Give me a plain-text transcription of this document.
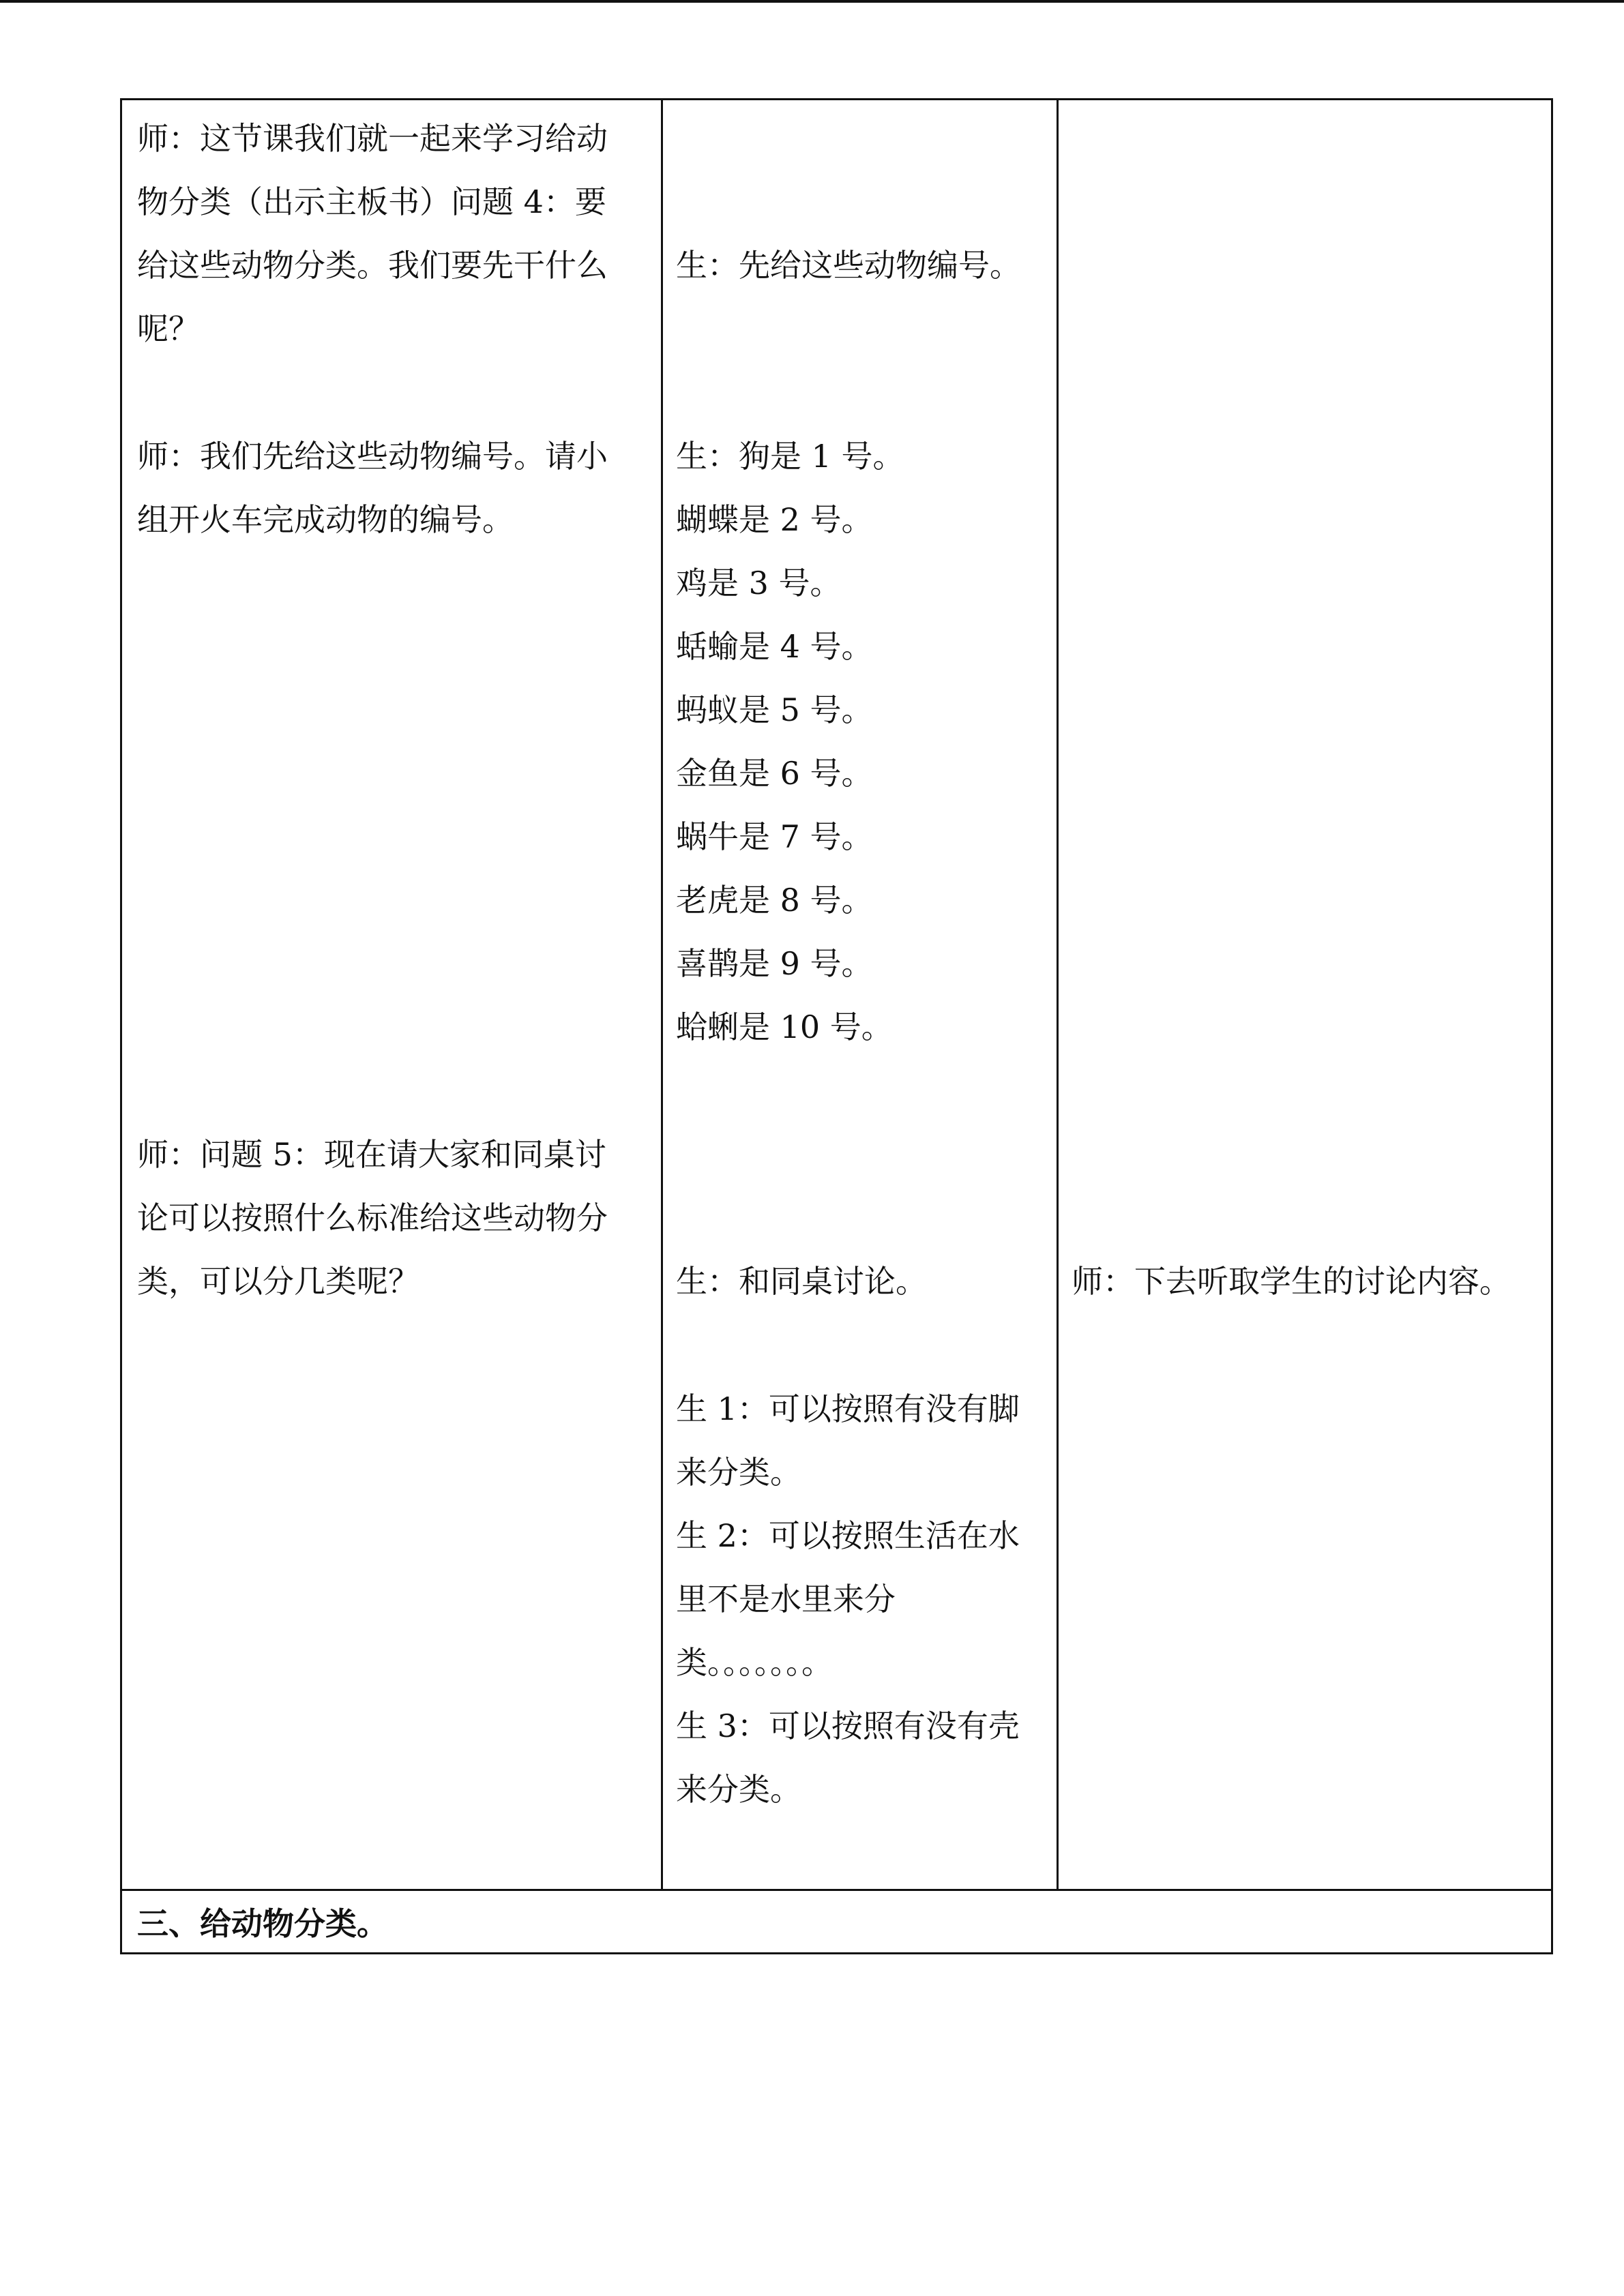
师：这节课我们就一起来学习给动

物分类（出示主板书）问题 4：要

给这些动物分类。我们要先干什么

呢？

师：我们先给这些动物编号。请小

组开火车完成动物的编号。

师：问题 5：现在请大家和同桌讨

论可以按照什么标准给这些动物分

类，可以分几类呢？

生：先给这些动物编号。

生：狗是 1 号。

蝴蝶是 2 号。

鸡是 3 号。

蛞蝓是 4 号。

蚂蚁是 5 号。

金鱼是 6 号。

蜗牛是 7 号。

老虎是 8 号。

喜鹊是 9 号。

蛤蜊是 10 号。

生：和同桌讨论。

生 1：可以按照有没有脚

来分类。

生 2：可以按照生活在水

里不是水里来分

类。。。。。。。

生 3：可以按照有没有壳

来分类。

师：下去听取学生的讨论内容。

三、给动物分类。
